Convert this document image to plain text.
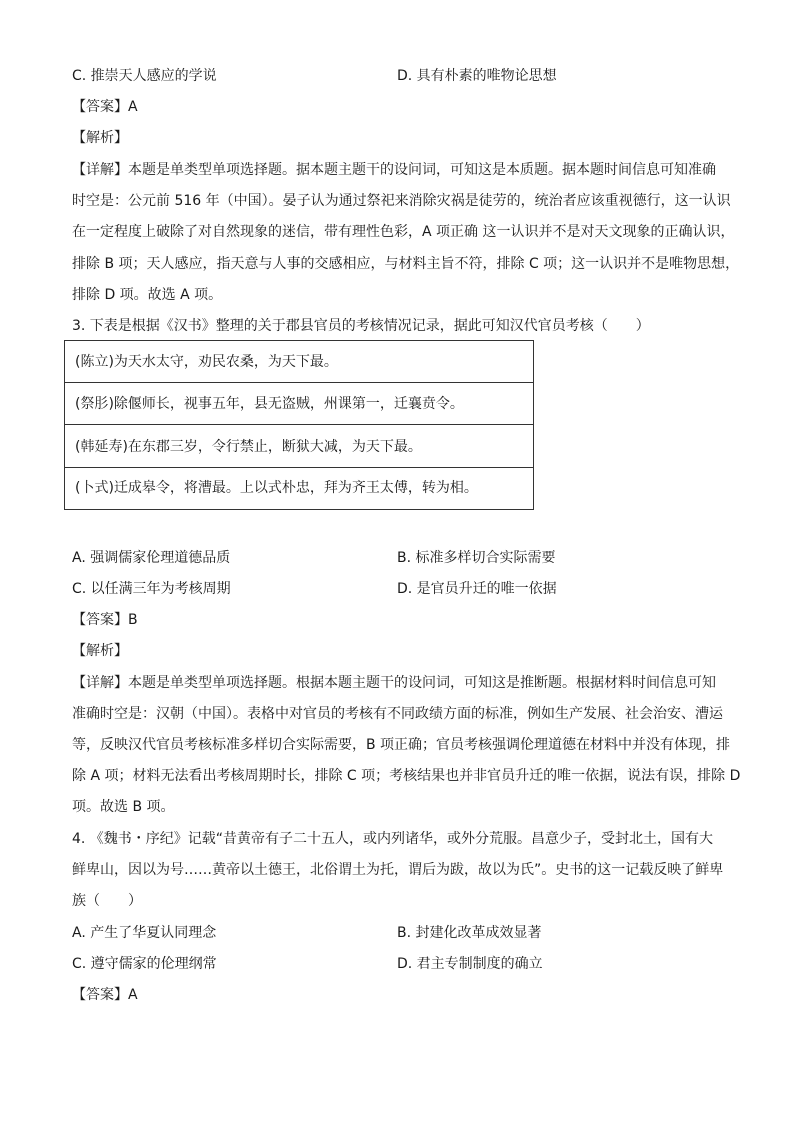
C. 推崇天人感应的学说	D. 具有朴素的唯物论思想
【答案】A
【解析】
【详解】本题是单类型单项选择题。据本题主题干的设问词，可知这是本质题。据本题时间信息可知准确
时空是：公元前 516 年（中国）。晏子认为通过祭祀来消除灾祸是徒劳的，统治者应该重视德行，这一认识
在一定程度上破除了对自然现象的迷信，带有理性色彩，A 项正确 这一认识并不是对天文现象的正确认识，
排除 B 项；天人感应，指天意与人事的交感相应，与材料主旨不符，排除 C 项；这一认识并不是唯物思想，
排除 D 项。故选 A 项。
3. 下表是根据《汉书》整理的关于郡县官员的考核情况记录，据此可知汉代官员考核（　　）
(陈立)为天水太守，劝民农桑，为天下最。
(祭肜)除偃师长，视事五年，县无盗贼，州课第一，迁襄贲令。
(韩延寿)在东郡三岁，令行禁止，断狱大减，为天下最。
(卜式)迁成皋令，将漕最。上以式朴忠，拜为齐王太傅，转为相。
A. 强调儒家伦理道德品质	B. 标准多样切合实际需要
C. 以任满三年为考核周期	D. 是官员升迁的唯一依据
【答案】B
【解析】
【详解】本题是单类型单项选择题。根据本题主题干的设问词，可知这是推断题。根据材料时间信息可知
准确时空是：汉朝（中国）。表格中对官员的考核有不同政绩方面的标准，例如生产发展、社会治安、漕运
等，反映汉代官员考核标准多样切合实际需要，B 项正确；官员考核强调伦理道德在材料中并没有体现，排
除 A 项；材料无法看出考核周期时长，排除 C 项；考核结果也并非官员升迁的唯一依据，说法有误，排除 D
项。故选 B 项。
4. 《魏书・序纪》记载“昔黄帝有子二十五人，或内列诸华，或外分荒服。昌意少子，受封北土，国有大
鲜卑山，因以为号……黄帝以土德王，北俗谓土为托，谓后为跋，故以为氏”。史书的这一记载反映了鲜卑
族（　　）
A. 产生了华夏认同理念	B. 封建化改革成效显著
C. 遵守儒家的伦理纲常	D. 君主专制制度的确立
【答案】A
